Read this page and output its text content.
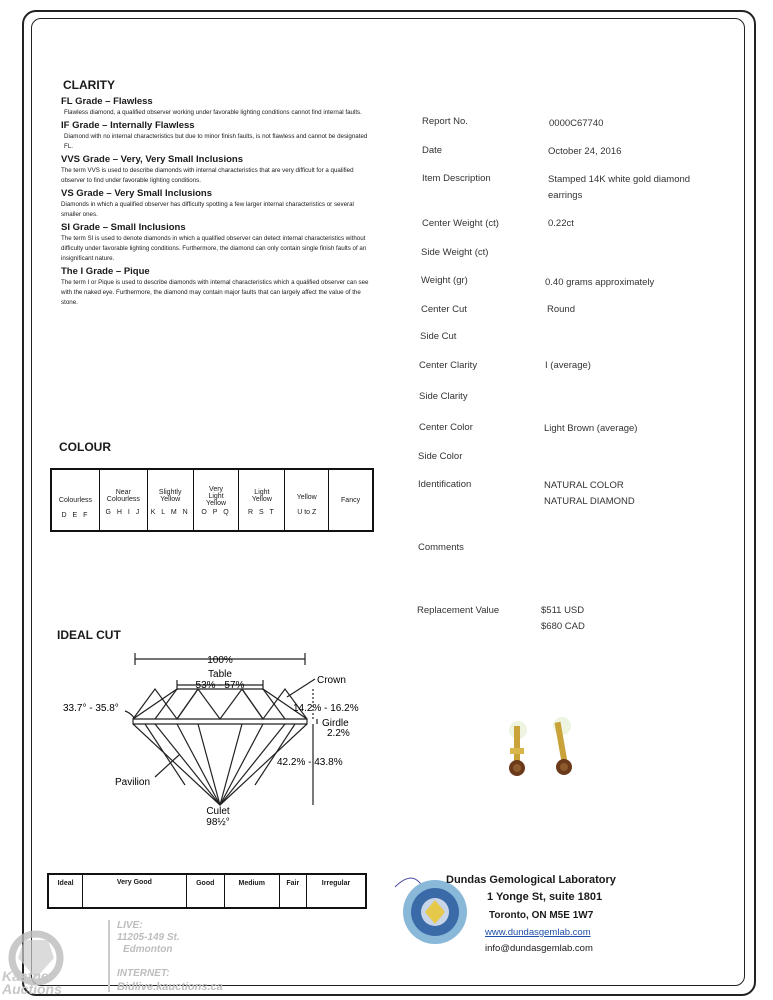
CLARITY
FL Grade – Flawless
Flawless diamond, a qualified observer working under favorable lighting conditions cannot find internal faults.
IF Grade – Internally Flawless
Diamond with no internal characteristics but due to minor finish faults, is not flawless and cannot be designated FL.
VVS Grade – Very, Very Small Inclusions
The term VVS is used to describe diamonds with internal characteristics that are very difficult for a qualified observer to find under favorable lighting conditions.
VS Grade – Very Small Inclusions
Diamonds in which a qualified observer has difficulty spotting a few larger internal characteristics or several smaller ones.
SI Grade – Small Inclusions
The term SI is used to denote diamonds in which a qualified observer can detect internal characteristics without difficulty under favorable lighting conditions. Furthermore, the diamond can only contain single finish faults of an insignificant nature.
The I Grade – Pique
The term I or Pique is used to describe diamonds with internal characteristics which a qualified observer can see with the naked eye. Furthermore, the diamond may contain major faults that can largely affect the value of the stone.
COLOUR
Colourless
D E F

Near Colourless
G H I J

Slightly Yellow
K L M N

Very Light Yellow
O P Q

Light Yellow
R S T

Yellow
U to Z

Fancy
IDEAL CUT
100%
Table
53% - 57%	Crown
33.7° - 35.8°	14.2% - 16.2%
Girdle
2.2%
42.2% - 43.8%
Pavilion
Culet
98½°
Ideal	Very Good	Good	Medium	Fair	Irregular
Report No.	0000C67740
Date	October 24, 2016
Item Description	Stamped 14K white gold diamond earrings
Center Weight (ct)	0.22ct
Side Weight (ct)
Weight (gr)	0.40 grams approximately
Center Cut	Round
Side Cut
Center Clarity	I (average)
Side Clarity
Center Color	Light Brown (average)
Side Color
Identification	NATURAL COLOR NATURAL DIAMOND
Comments
Replacement Value	$511 USD $680 CAD
Dundas Gemological Laboratory
1 Yonge St, suite 1801
Toronto, ON M5E 1W7
www.dundasgemlab.com
info@dundasgemlab.com
Kastner Auctions
LIVE:
11205-149 St.
Edmonton
INTERNET:
Bidlive.kauctions.ca
